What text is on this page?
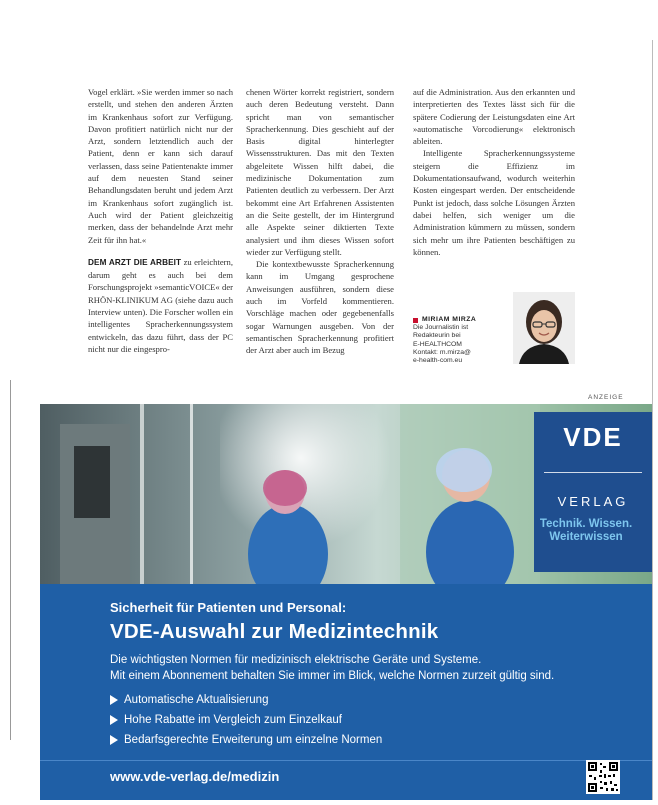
Vogel erklärt. »Sie werden immer so nach erstellt, und stehen den anderen Ärzten im Krankenhaus sofort zur Verfügung. Davon profitiert natürlich nicht nur der Arzt, sondern letztendlich auch der Patient, denn er kann sich darauf verlassen, dass seine Patientenakte immer auf dem neuesten Stand seiner Behandlungsdaten beruht und jedem Arzt im Krankenhaus sofort zugänglich ist. Auch wird der Patient gleichzeitig merken, dass der behandelnde Arzt mehr Zeit für ihn hat.«

DEM ARZT DIE ARBEIT zu erleichtern, darum geht es auch bei dem Forschungsprojekt »semanticVOICE« der RHÖN-KLINIKUM AG (siehe dazu auch Interview unten). Die Forscher wollen ein intelligentes Spracherkennungssystem entwickeln, das dazu führt, dass der PC nicht nur die eingespro-

chenen Wörter korrekt registriert, sondern auch deren Bedeutung versteht. Dann spricht man von semantischer Spracherkennung. Dies geschieht auf der Basis digital hinterlegter Wissensstrukturen. Das mit den Texten abgeleitete Wissen hilft dabei, die medizinische Dokumentation zum Patienten deutlich zu verbessern. Der Arzt bekommt eine Art Erfahrenen Assistenten an die Seite gestellt, der im Hintergrund alle Aspekte seiner diktierten Texte analysiert und ihm dieses Wissen sofort wieder zur Verfügung stellt.

Die kontextbewusste Spracherkennung kann im Umgang gesprochene Anweisungen ausführen, sondern diese auch im Vorfeld kommentieren. Vorschläge machen oder gegebenenfalls sogar Warnungen ausgeben. Von der semantischen Spracherkennung profitiert der Arzt aber auch im Bezug

auf die Administration. Aus den erkannten und interpretierten des Textes lässt sich für die spätere Codierung der Leistungsdaten eine Art »automatische Vorcodierung« elektronisch ableiten.

Intelligente Spracherkennungssysteme steigern die Effizienz im Dokumentationsaufwand, wodurch weiterhin Kosten eingespart werden. Der entscheidende Punkt ist jedoch, dass solche Lösungen Ärzten dabei helfen, sich weniger um die Administration kümmern zu müssen, sondern sich mehr um ihre Patienten beschäftigen zu können.

MIRIAM MIRZA
Die Journalistin ist
Redakteurin bei
E-HEALTHCOM
Kontakt: m.mirza@
e-health-com.eu
ANZEIGE
VDE
VERLAG
Technik. Wissen.
Weiterwissen
Sicherheit für Patienten und Personal:
VDE-Auswahl zur Medizintechnik
Die wichtigsten Normen für medizinisch elektrische Geräte und Systeme.
Mit einem Abonnement behalten Sie immer im Blick, welche Normen zurzeit gültig sind.
Automatische Aktualisierung
Hohe Rabatte im Vergleich zum Einzelkauf
Bedarfsgerechte Erweiterung um einzelne Normen
www.vde-verlag.de/medizin
